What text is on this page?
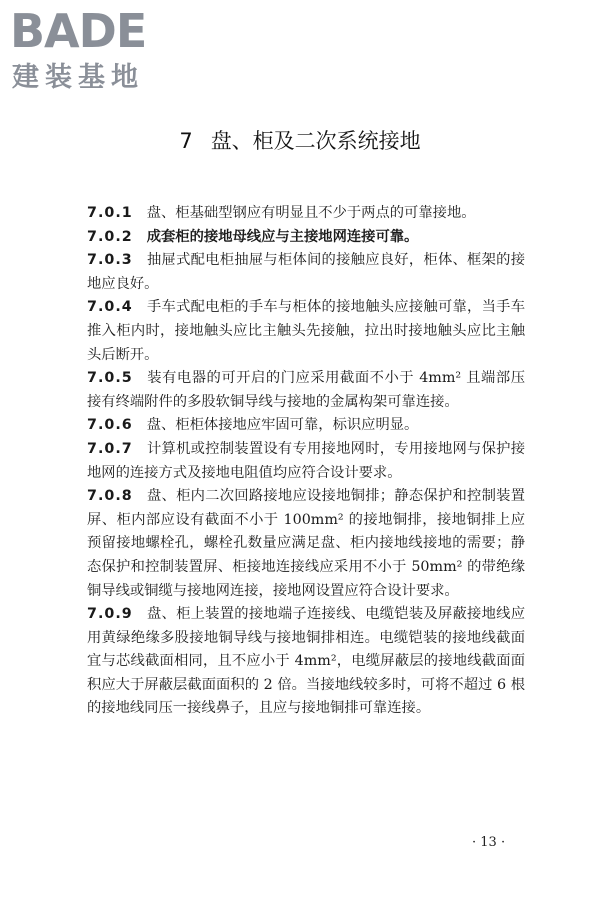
BADE
建装基地
7 盘、柜及二次系统接地

7.0.1 盘、柜基础型钢应有明显且不少于两点的可靠接地。

7.0.2 成套柜的接地母线应与主接地网连接可靠。

7.0.3 抽屉式配电柜抽屉与柜体间的接触应良好，柜体、框架的接地应良好。

7.0.4 手车式配电柜的手车与柜体的接地触头应接触可靠，当手车推入柜内时，接地触头应比主触头先接触，拉出时接地触头应比主触头后断开。

7.0.5 装有电器的可开启的门应采用截面不小于 4mm² 且端部压接有终端附件的多股软铜导线与接地的金属构架可靠连接。

7.0.6 盘、柜柜体接地应牢固可靠，标识应明显。

7.0.7 计算机或控制装置设有专用接地网时，专用接地网与保护接地网的连接方式及接地电阻值均应符合设计要求。

7.0.8 盘、柜内二次回路接地应设接地铜排；静态保护和控制装置屏、柜内部应设有截面不小于 100mm² 的接地铜排，接地铜排上应预留接地螺栓孔，螺栓孔数量应满足盘、柜内接地线接地的需要；静态保护和控制装置屏、柜接地连接线应采用不小于 50mm² 的带绝缘铜导线或铜缆与接地网连接，接地网设置应符合设计要求。

7.0.9 盘、柜上装置的接地端子连接线、电缆铠装及屏蔽接地线应用黄绿绝缘多股接地铜导线与接地铜排相连。电缆铠装的接地线截面宜与芯线截面相同，且不应小于 4mm²，电缆屏蔽层的接地线截面面积应大于屏蔽层截面面积的 2 倍。当接地线较多时，可将不超过 6 根的接地线同压一接线鼻子，且应与接地铜排可靠连接。

· 13 ·
